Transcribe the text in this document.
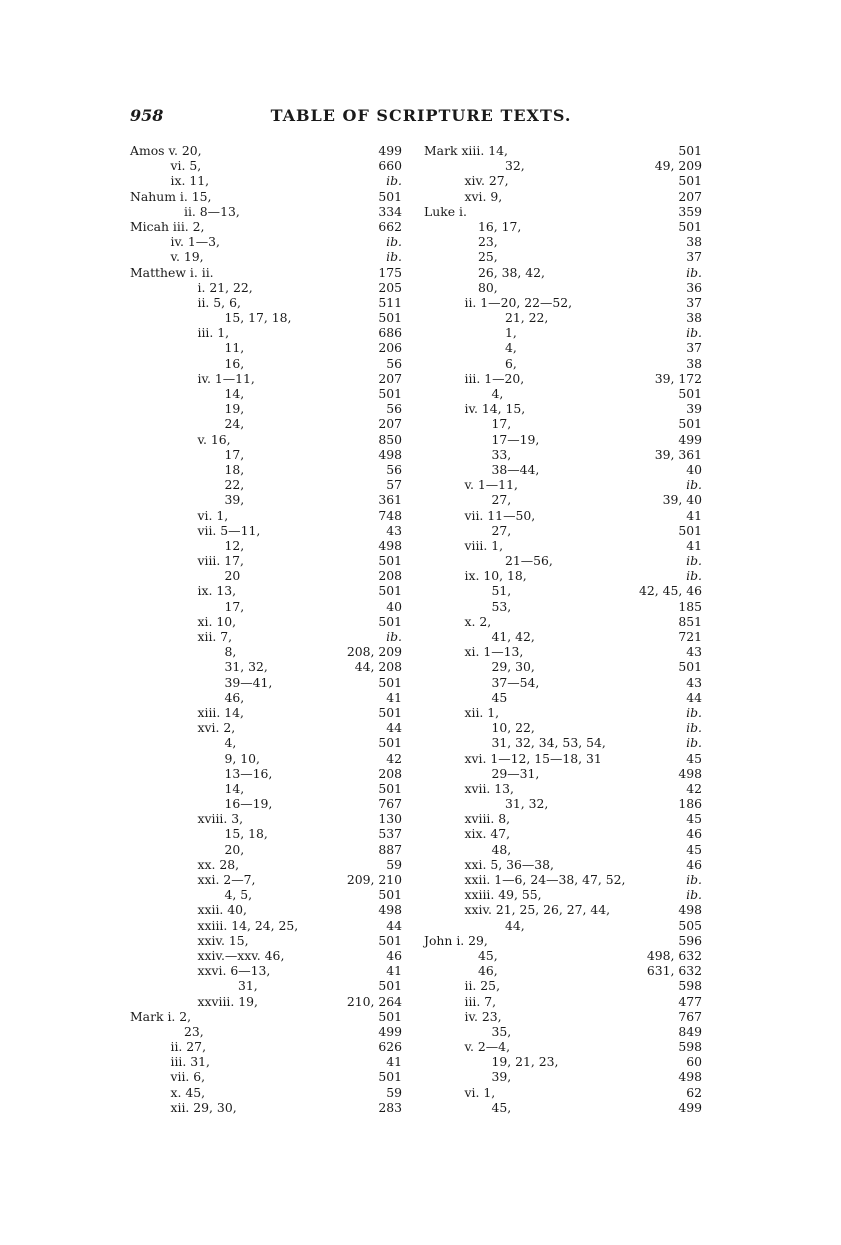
958	TABLE OF SCRIPTURE TEXTS.
Amos v. 20,	499
vi. 5,	660
ix. 11,	ib.
Nahum i. 15,	501
ii. 8—13,	334
Micah iii. 2,	662
iv. 1—3,	ib.
v. 19,	ib.
Matthew i. ii.	175
i. 21, 22,	205
ii. 5, 6,	511
15, 17, 18,	501
iii. 1,	686
11,	206
16,	56
iv. 1—11,	207
14,	501
19,	56
24,	207
v. 16,	850
17,	498
18,	56
22,	57
39,	361
vi. 1,	748
vii. 5—11,	43
12,	498
viii. 17,	501
20	208
ix. 13,	501
17,	40
xi. 10,	501
xii. 7,	ib.
8,	208, 209
31, 32,	44, 208
39—41,	501
46,	41
xiii. 14,	501
xvi. 2,	44
4,	501
9, 10,	42
13—16,	208
14,	501
16—19,	767
xviii. 3,	130
15, 18,	537
20,	887
xx. 28,	59
xxi. 2—7,	209, 210
4, 5,	501
xxii. 40,	498
xxiii. 14, 24, 25,	44
xxiv. 15,	501
xxiv.—xxv. 46,	46
xxvi. 6—13,	41
31,	501
xxviii. 19,	210, 264
Mark i. 2,	501
23,	499
ii. 27,	626
iii. 31,	41
vii. 6,	501
x. 45,	59
xii. 29, 30,	283
Mark xiii. 14,	501
32,	49, 209
xiv. 27,	501
xvi. 9,	207
Luke i.	359
16, 17,	501
23,	38
25,	37
26, 38, 42,	ib.
80,	36
ii. 1—20, 22—52,	37
21, 22,	38
1,	ib.
4,	37
6,	38
iii. 1—20,	39, 172
4,	501
iv. 14, 15,	39
17,	501
17—19,	499
33,	39, 361
38—44,	40
v. 1—11,	ib.
27,	39, 40
vii. 11—50,	41
27,	501
viii. 1,	41
21—56,	ib.
ix. 10, 18,	ib.
51,	42, 45, 46
53,	185
x. 2,	851
41, 42,	721
xi. 1—13,	43
29, 30,	501
37—54,	43
45	44
xii. 1,	ib.
10, 22,	ib.
31, 32, 34, 53, 54,	ib.
xvi. 1—12, 15—18, 31	45
29—31,	498
xvii. 13,	42
31, 32,	186
xviii. 8,	45
xix. 47,	46
48,	45
xxi. 5, 36—38,	46
xxii. 1—6, 24—38, 47, 52,	ib.
xxiii. 49, 55,	ib.
xxiv. 21, 25, 26, 27, 44,	498
44,	505
John i. 29,	596
45,	498, 632
46,	631, 632
ii. 25,	598
iii. 7,	477
iv. 23,	767
35,	849
v. 2—4,	598
19, 21, 23,	60
39,	498
vi. 1,	62
45,	499
